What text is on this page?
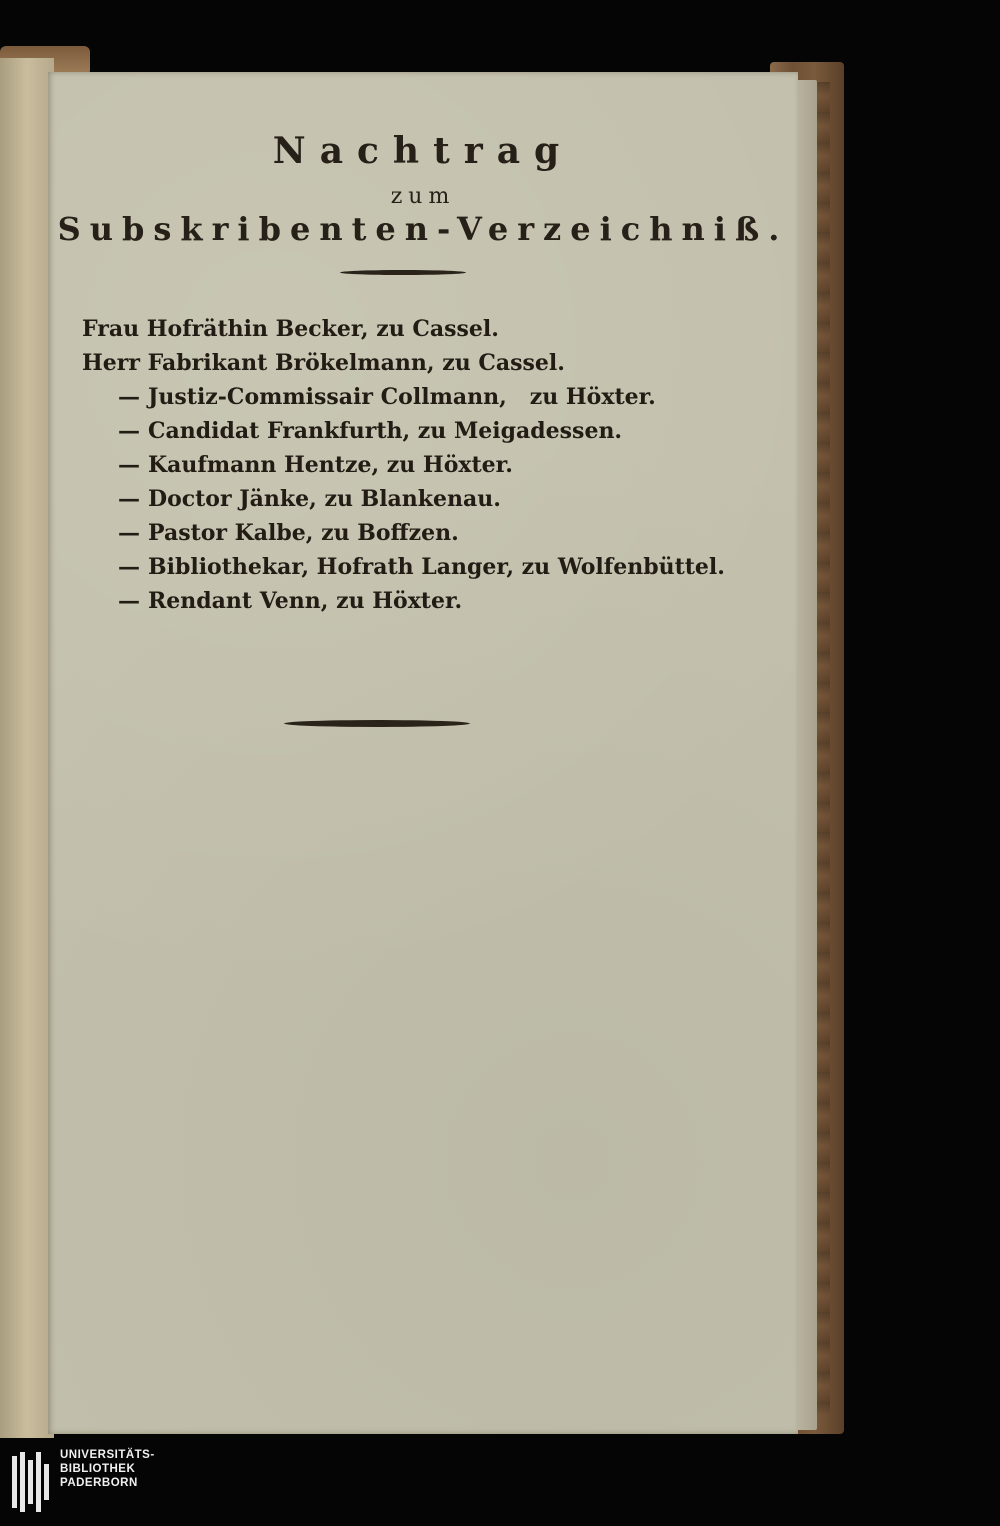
Nachtrag
zum
Subskribenten-Verzeichniß.
Frau Hofräthin Becker, zu Cassel.
Herr Fabrikant Brökelmann, zu Cassel.
— Justiz-Commissair Collmann,   zu Höxter.
— Candidat Frankfurth, zu Meigadessen.
— Kaufmann Hentze, zu Höxter.
— Doctor Jänke, zu Blankenau.
— Pastor Kalbe, zu Boffzen.
— Bibliothekar, Hofrath Langer, zu Wolfenbüttel.
— Rendant Venn, zu Höxter.
UNIVERSITÄTS-
BIBLIOTHEK
PADERBORN
